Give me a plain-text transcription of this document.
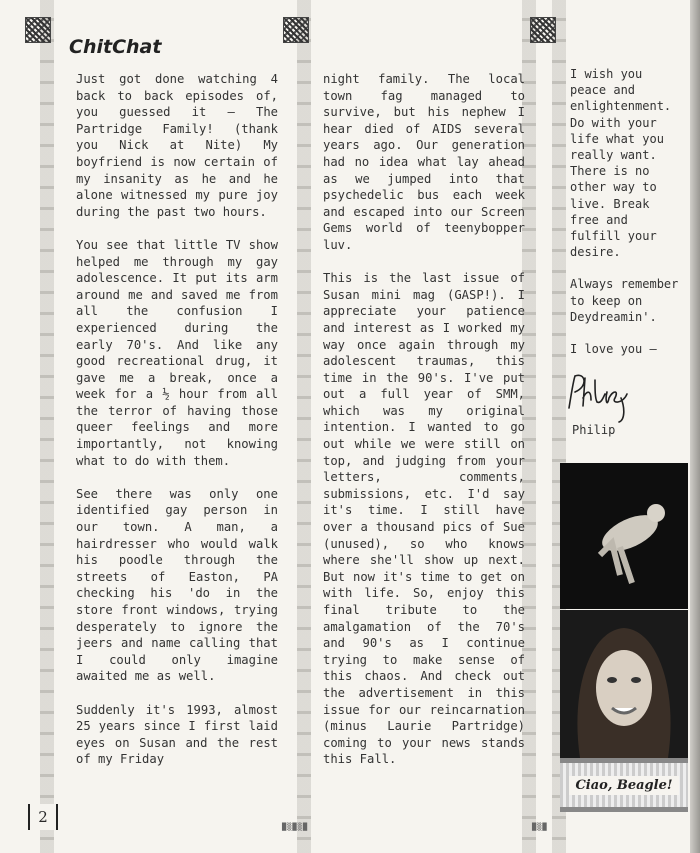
ChitChat

Just got done watching 4 back to back episodes of, you guessed it — The Partridge Family! (thank you Nick at Nite) My boyfriend is now certain of my insanity as he and he alone witnessed my pure joy during the past two hours.

You see that little TV show helped me through my gay adolescence. It put its arm around me and saved me from all the confusion I experienced during the early 70's. And like any good recreational drug, it gave me a break, once a week for a ½ hour from all the terror of having those queer feelings and more importantly, not knowing what to do with them.

See there was only one identified gay person in our town. A man, a hairdresser who would walk his poodle through the streets of Easton, PA checking his 'do in the store front windows, trying desperately to ignore the jeers and name calling that I could only imagine awaited me as well.

Suddenly it's 1993, almost 25 years since I first laid eyes on Susan and the rest of my Friday

night family. The local town fag managed to survive, but his nephew I hear died of AIDS several years ago. Our generation had no idea what lay ahead as we jumped into that psychedelic bus each week and escaped into our Screen Gems world of teenybopper luv.

This is the last issue of Susan mini mag (GASP!). I appreciate your patience and interest as I worked my way once again through my adolescent traumas, this time in the 90's. I've put out a full year of SMM, which was my original intention. I wanted to go out while we were still on top, and judging from your letters, comments, submissions, etc. I'd say it's time. I still have over a thousand pics of Sue (unused), so who knows where she'll show up next. But now it's time to get on with life. So, enjoy this final tribute to the amalgamation of the 70's and 90's as I continue trying to make sense of this chaos. And check out the advertisement in this issue for our reincarnation (minus Laurie Partridge) coming to your news stands this Fall.

I wish you peace and enlightenment. Do with your life what you really want. There is no other way to live. Break free and fulfill your desire.

Always remember to keep on Deydreamin'.

I love you —

Philip
Ciao, Beagle!
2
█▒█▒█	█▒█
